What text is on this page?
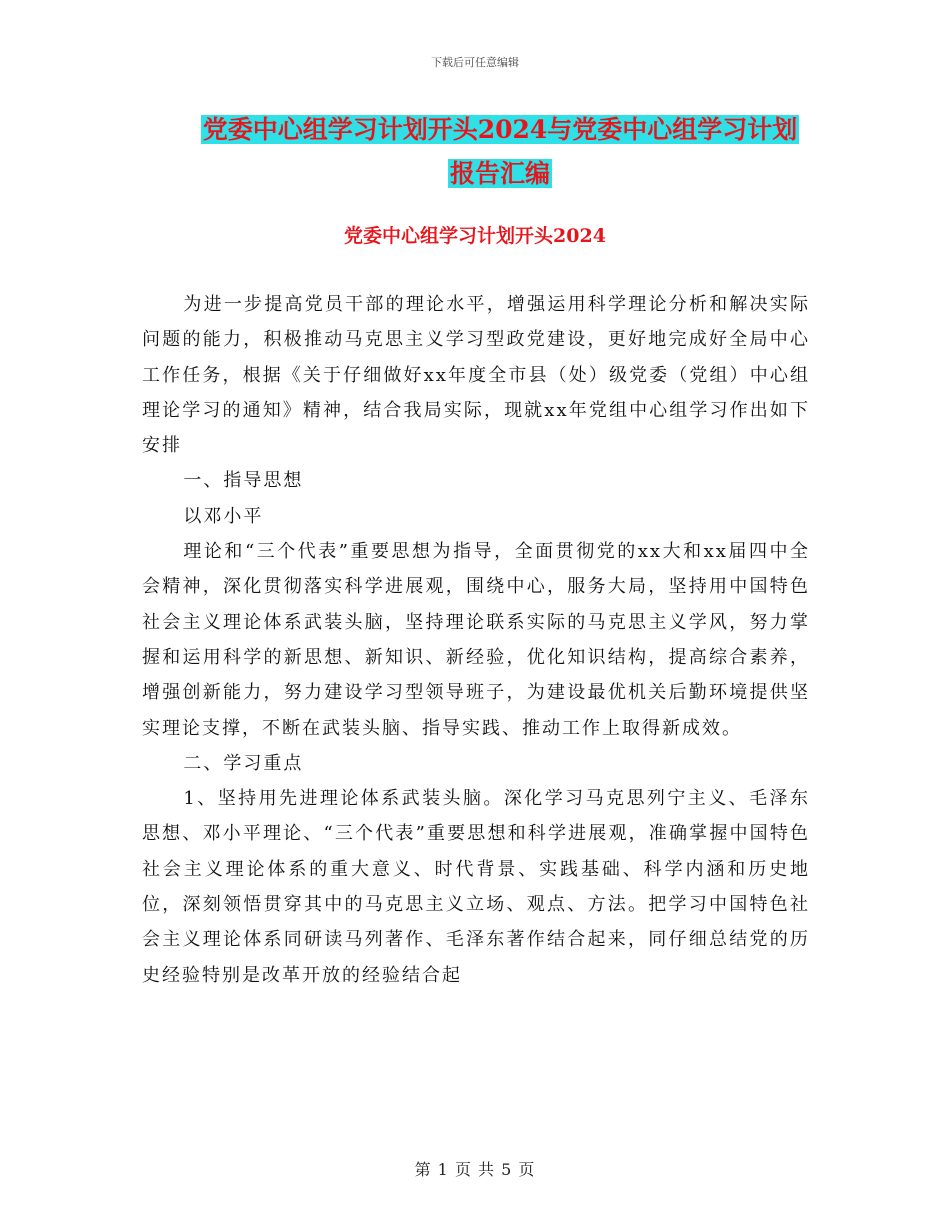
下载后可任意编辑
党委中心组学习计划开头2024与党委中心组学习计划
报告汇编
党委中心组学习计划开头2024

为进一步提高党员干部的理论水平，增强运用科学理论分析和解决实际问题的能力，积极推动马克思主义学习型政党建设，更好地完成好全局中心工作任务，根据《关于仔细做好xx年度全市县（处）级党委（党组）中心组理论学习的通知》精神，结合我局实际，现就xx年党组中心组学习作出如下安排

一、指导思想

以邓小平

理论和“三个代表”重要思想为指导，全面贯彻党的xx大和xx届四中全会精神，深化贯彻落实科学进展观，围绕中心，服务大局，坚持用中国特色社会主义理论体系武装头脑，坚持理论联系实际的马克思主义学风，努力掌握和运用科学的新思想、新知识、新经验，优化知识结构，提高综合素养，增强创新能力，努力建设学习型领导班子，为建设最优机关后勤环境提供坚实理论支撑，不断在武装头脑、指导实践、推动工作上取得新成效。

二、学习重点

1、坚持用先进理论体系武装头脑。深化学习马克思列宁主义、毛泽东思想、邓小平理论、“三个代表”重要思想和科学进展观，准确掌握中国特色社会主义理论体系的重大意义、时代背景、实践基础、科学内涵和历史地位，深刻领悟贯穿其中的马克思主义立场、观点、方法。把学习中国特色社会主义理论体系同研读马列著作、毛泽东著作结合起来，同仔细总结党的历史经验特别是改革开放的经验结合起

第 1 页 共 5 页
